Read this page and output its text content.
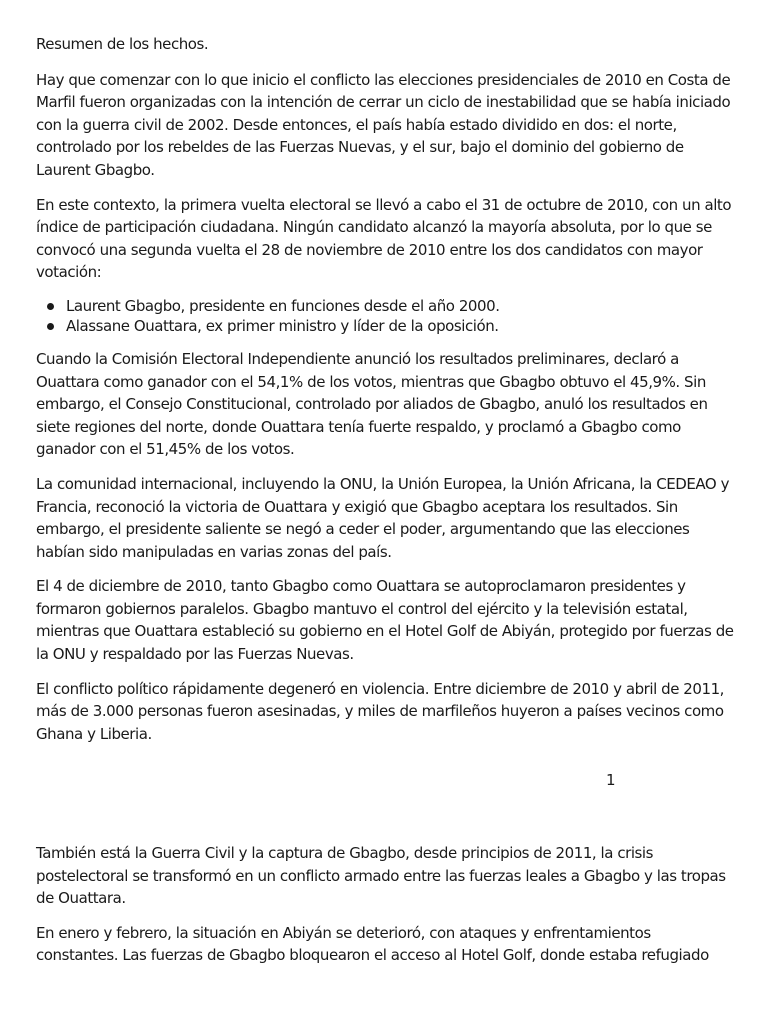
Resumen de los hechos.

Hay que comenzar con lo que inicio el conflicto las elecciones presidenciales de 2010 en Costa de Marfil fueron organizadas con la intención de cerrar un ciclo de inestabilidad que se había iniciado con la guerra civil de 2002. Desde entonces, el país había estado dividido en dos: el norte, controlado por los rebeldes de las Fuerzas Nuevas, y el sur, bajo el dominio del gobierno de Laurent Gbagbo.

En este contexto, la primera vuelta electoral se llevó a cabo el 31 de octubre de 2010, con un alto índice de participación ciudadana. Ningún candidato alcanzó la mayoría absoluta, por lo que se convocó una segunda vuelta el 28 de noviembre de 2010 entre los dos candidatos con mayor votación:

Laurent Gbagbo, presidente en funciones desde el año 2000.
Alassane Ouattara, ex primer ministro y líder de la oposición.

Cuando la Comisión Electoral Independiente anunció los resultados preliminares, declaró a Ouattara como ganador con el 54,1% de los votos, mientras que Gbagbo obtuvo el 45,9%. Sin embargo, el Consejo Constitucional, controlado por aliados de Gbagbo, anuló los resultados en siete regiones del norte, donde Ouattara tenía fuerte respaldo, y proclamó a Gbagbo como ganador con el 51,45% de los votos.

La comunidad internacional, incluyendo la ONU, la Unión Europea, la Unión Africana, la CEDEAO y Francia, reconoció la victoria de Ouattara y exigió que Gbagbo aceptara los resultados. Sin embargo, el presidente saliente se negó a ceder el poder, argumentando que las elecciones habían sido manipuladas en varias zonas del país.

El 4 de diciembre de 2010, tanto Gbagbo como Ouattara se autoproclamaron presidentes y formaron gobiernos paralelos. Gbagbo mantuvo el control del ejército y la televisión estatal, mientras que Ouattara estableció su gobierno en el Hotel Golf de Abiyán, protegido por fuerzas de la ONU y respaldado por las Fuerzas Nuevas.

El conflicto político rápidamente degeneró en violencia. Entre diciembre de 2010 y abril de 2011, más de 3.000 personas fueron asesinadas, y miles de marfileños huyeron a países vecinos como Ghana y Liberia.

1

También está la Guerra Civil y la captura de Gbagbo, desde principios de 2011, la crisis postelectoral se transformó en un conflicto armado entre las fuerzas leales a Gbagbo y las tropas de Ouattara.

En enero y febrero, la situación en Abiyán se deterioró, con ataques y enfrentamientos constantes. Las fuerzas de Gbagbo bloquearon el acceso al Hotel Golf, donde estaba refugiado
